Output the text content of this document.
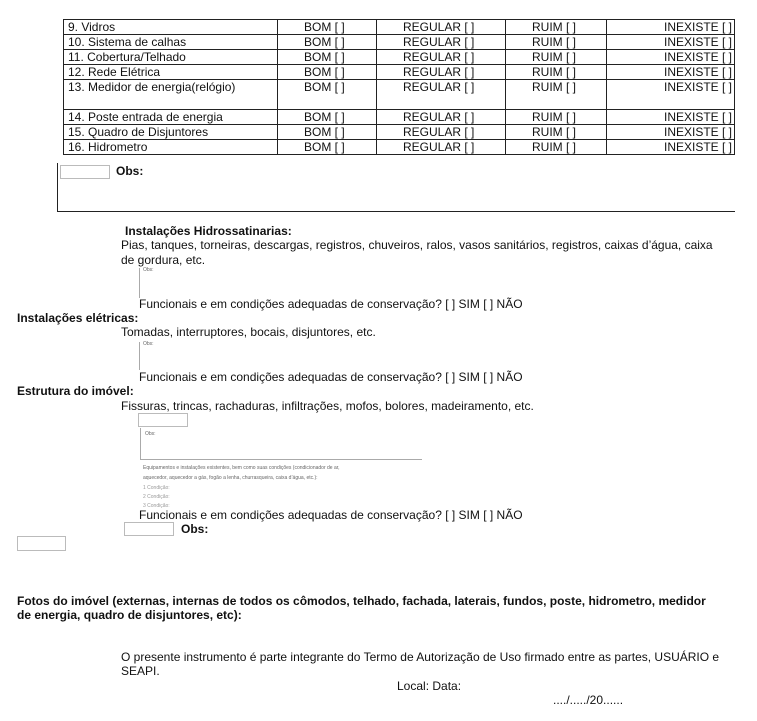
9. Vidros	BOM [ ]	REGULAR [ ]	RUIM [ ]	INEXISTE [ ]
10. Sistema de calhas	BOM [ ]	REGULAR [ ]	RUIM [ ]	INEXISTE [ ]
11. Cobertura/Telhado	BOM [ ]	REGULAR [ ]	RUIM [ ]	INEXISTE [ ]
12. Rede Elétrica	BOM [ ]	REGULAR [ ]	RUIM [ ]	INEXISTE [ ]
13. Medidor de energia(relógio)	BOM [ ]	REGULAR [ ]	RUIM [ ]	INEXISTE [ ]
14. Poste entrada de energia	BOM [ ]	REGULAR [ ]	RUIM [ ]	INEXISTE [ ]
15. Quadro de Disjuntores	BOM [ ]	REGULAR [ ]	RUIM [ ]	INEXISTE [ ]
16. Hidrometro	BOM [ ]	REGULAR [ ]	RUIM [ ]	INEXISTE [ ]
Obs:
Instalações Hidrossatinarias:
Pias, tanques, torneiras, descargas, registros, chuveiros, ralos, vasos sanitários, registros, caixas d’água, caixa
de gordura, etc.
Obs:
Funcionais e em condições adequadas de conservação? [ ] SIM [ ] NÃO
Instalações elétricas:
Tomadas, interruptores, bocais, disjuntores, etc.
Obs:
Funcionais e em condições adequadas de conservação? [ ] SIM [ ] NÃO
Estrutura do imóvel:
Fissuras, trincas, rachaduras, infiltrações, mofos, bolores, madeiramento, etc.
Obs:
Equipamentos e instalações existentes, bem como suas condições (condicionador de ar,
aquecedor, aquecedor a gás, fogão a lenha, churrasqueira, caixa d’água, etc.):
1 Condição:
2 Condição:
3 Condição:
Funcionais e em condições adequadas de conservação? [ ] SIM [ ] NÃO
Obs:
Fotos do imóvel (externas, internas de todos os cômodos, telhado, fachada, laterais, fundos, poste, hidrometro, medidor
de energia, quadro de disjuntores, etc):
O presente instrumento é parte integrante do Termo de Autorização de Uso firmado entre as partes, USUÁRIO e
SEAPI.
Local: Data:
..../...../20......
